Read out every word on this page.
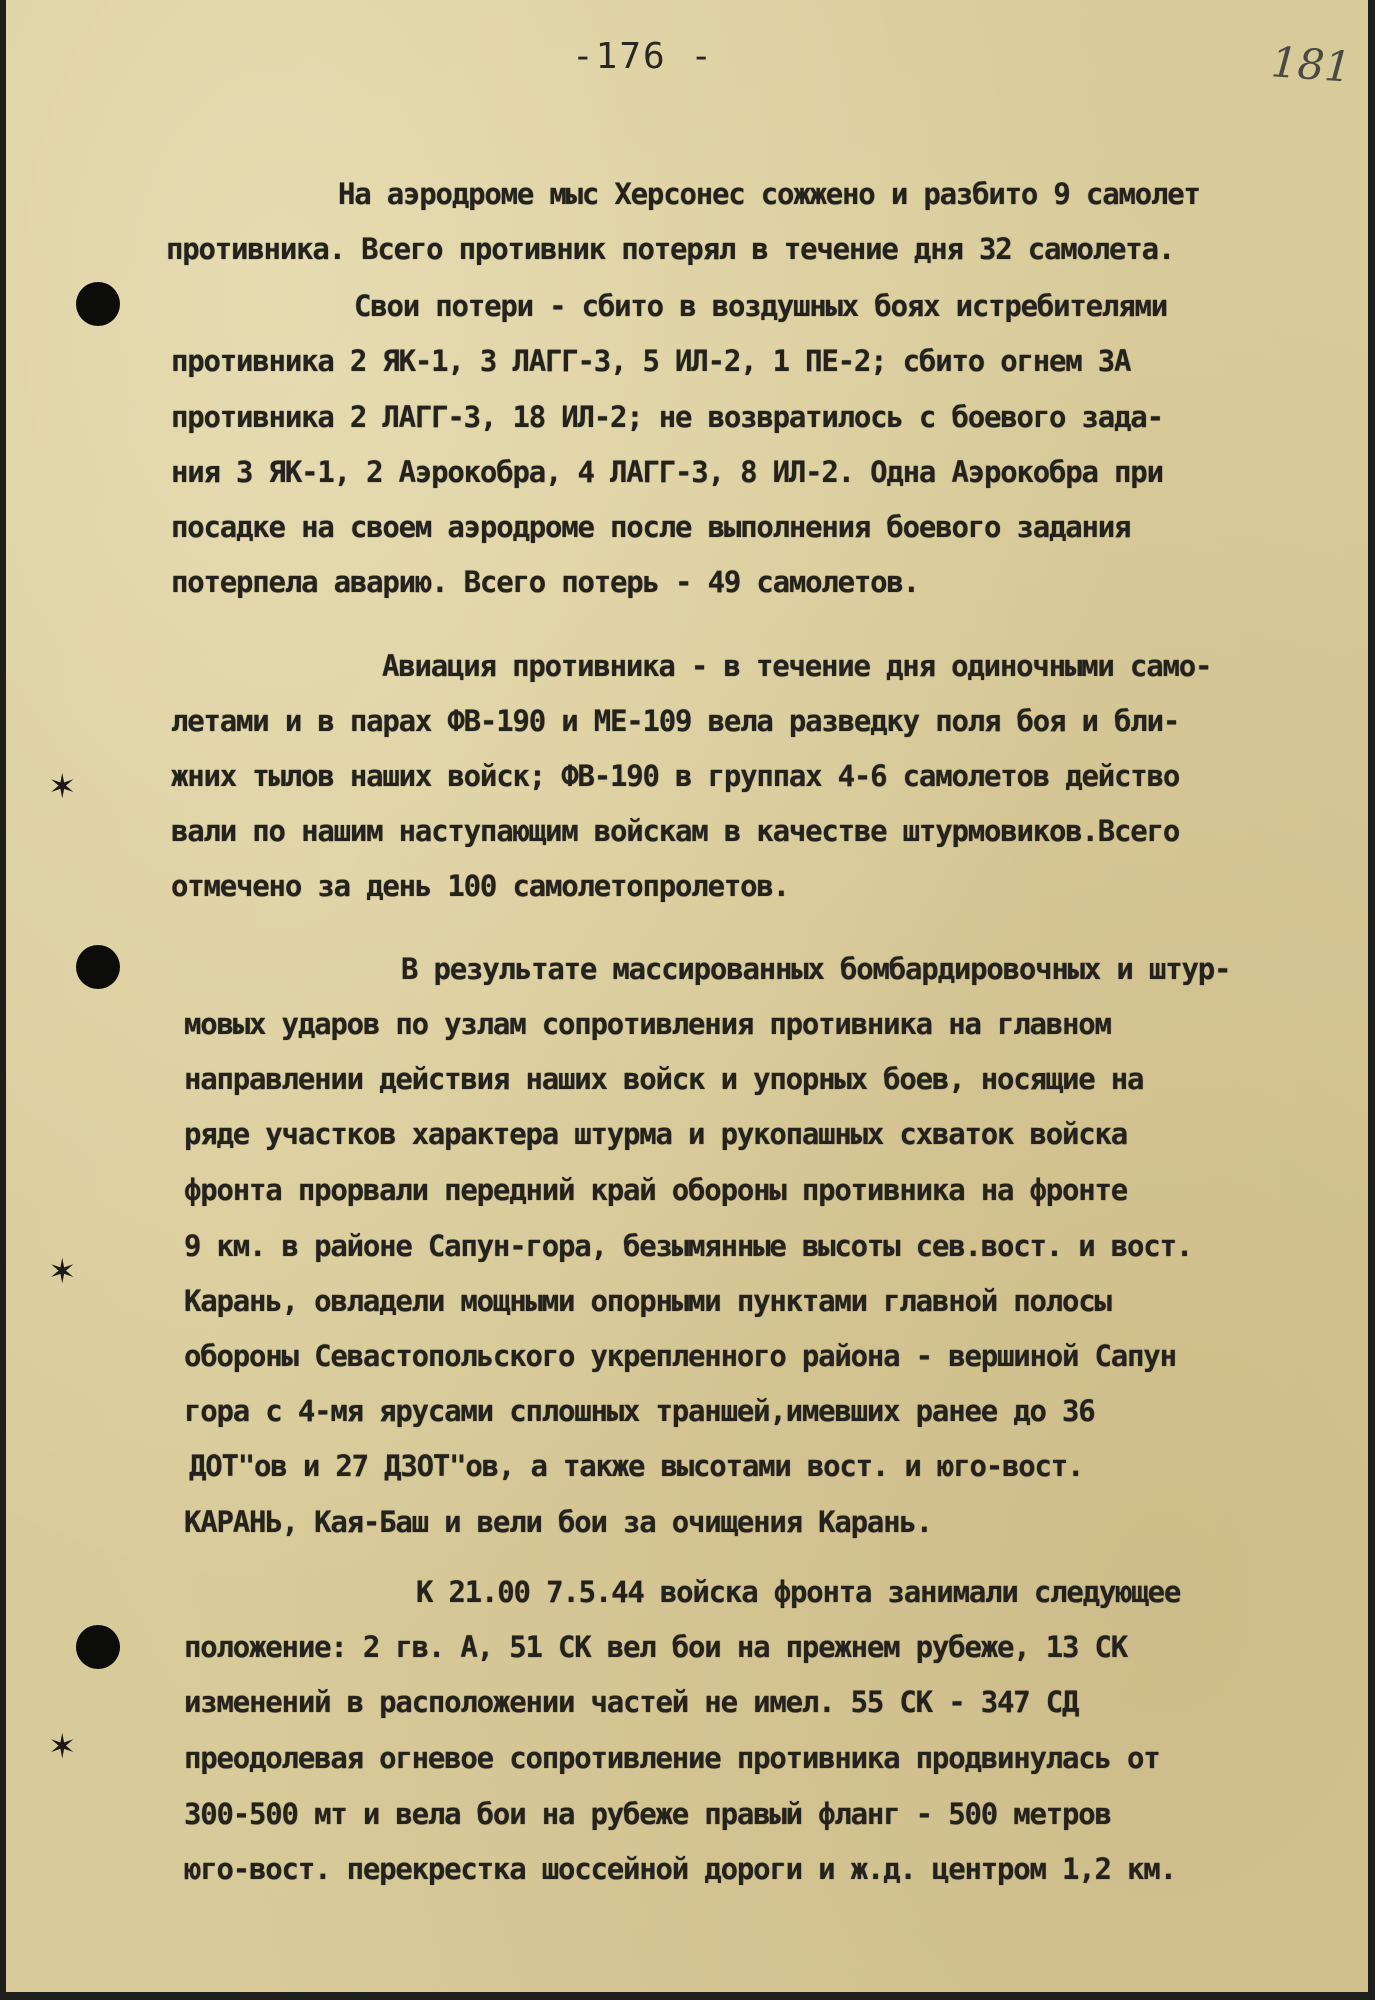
✶
✶
✶
181
-176 -
На аэродроме мыс Херсонес сожжено и разбито 9 самолет
противника. Всего противник потерял в течение дня 32 самолета.
Свои потери - сбито в воздушных боях истребителями
противника 2 ЯК-1, 3 ЛАГГ-3, 5 ИЛ-2, 1 ПЕ-2; сбито огнем ЗА
противника 2 ЛАГГ-3, 18 ИЛ-2; не возвратилось с боевого зада-
ния 3 ЯК-1, 2 Аэрокобра, 4 ЛАГГ-3, 8 ИЛ-2. Одна Аэрокобра при
посадке на своем аэродроме после выполнения боевого задания
потерпела аварию. Всего потерь - 49 самолетов.
Авиация противника - в течение дня одиночными само-
летами и в парах ФВ-190 и МЕ-109 вела разведку поля боя и бли-
жних тылов наших войск; ФВ-190 в группах 4-6 самолетов действо
вали по нашим наступающим войскам в качестве штурмовиков.Всего
отмечено за день 100 самолетопролетов.
В результате массированных бомбардировочных и штур-
мовых ударов по узлам сопротивления противника на главном
направлении действия наших войск и упорных боев, носящие на
ряде участков характера штурма и рукопашных схваток войска
фронта прорвали передний край обороны противника на фронте
9 км. в районе Сапун-гора, безымянные высоты сев.вост. и вост.
Карань, овладели мощными опорными пунктами главной полосы
обороны Севастопольского укрепленного района - вершиной Сапун
гора с 4-мя ярусами сплошных траншей,имевших ранее до 36
ДОТ"ов и 27 ДЗОТ"ов, а также высотами вост. и юго-вост.
КАРАНЬ, Кая-Баш и вели бои за очищения Карань.
К 21.00 7.5.44 войска фронта занимали следующее
положение: 2 гв. А, 51 СК вел бои на прежнем рубеже, 13 СК
изменений в расположении частей не имел. 55 СК - 347 СД
преодолевая огневое сопротивление противника продвинулась от
300-500 мт и вела бои на рубеже правый фланг - 500 метров
юго-вост. перекрестка шоссейной дороги и ж.д. центром 1,2 км.
